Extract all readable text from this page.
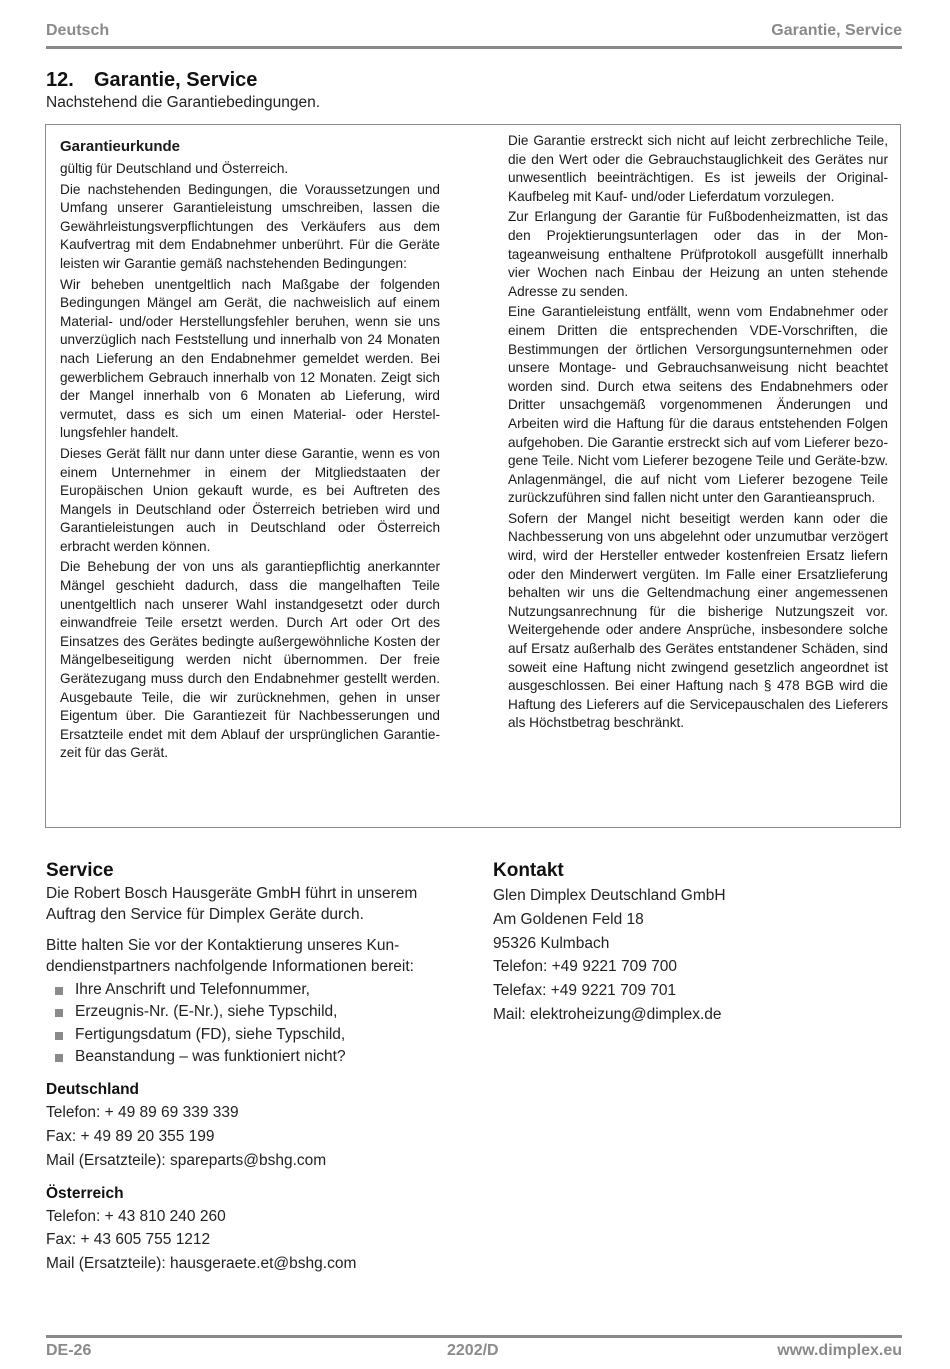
Deutsch	Garantie, Service
12. Garantie, Service
Nachstehend die Garantiebedingungen.
Garantieurkunde

gültig für Deutschland und Österreich.

Die nachstehenden Bedingungen, die Voraussetzungen und Umfang unserer Garantieleistung umschreiben, lassen die Gewährleistungsverpflichtungen des Verkäufers aus dem Kaufvertrag mit dem Endabnehmer unberührt. Für die Geräte leisten wir Garantie gemäß nachstehenden Bedingungen:

Wir beheben unentgeltlich nach Maßgabe der folgenden Bedingungen Mängel am Gerät, die nachweislich auf einem Material- und/oder Herstellungsfehler beruhen, wenn sie uns unverzüglich nach Feststellung und innerhalb von 24 Monaten nach Lieferung an den Endabnehmer gemeldet werden. Bei gewerblichem Gebrauch innerhalb von 12 Monaten. Zeigt sich der Mangel innerhalb von 6 Monaten ab Lieferung, wird vermutet, dass es sich um einen Material- oder Herstellungsfehler handelt.

Dieses Gerät fällt nur dann unter diese Garantie, wenn es von einem Unternehmer in einem der Mitgliedstaaten der Europäischen Union gekauft wurde, es bei Auftreten des Mangels in Deutschland oder Österreich betrieben wird und Garantieleistungen auch in Deutschland oder Österreich erbracht werden können.

Die Behebung der von uns als garantiepflichtig anerkannter Mängel geschieht dadurch, dass die mangelhaften Teile unentgeltlich nach unserer Wahl instandgesetzt oder durch einwandfreie Teile ersetzt werden. Durch Art oder Ort des Einsatzes des Gerätes bedingte außergewöhnliche Kosten der Mängelbeseitigung werden nicht übernommen. Der freie Gerätezugang muss durch den Endabnehmer gestellt werden. Ausgebaute Teile, die wir zurücknehmen, gehen in unser Eigentum über. Die Garantiezeit für Nachbesserungen und Ersatzteile endet mit dem Ablauf der ursprünglichen Garantiezeit für das Gerät.

Die Garantie erstreckt sich nicht auf leicht zerbrechliche Teile, die den Wert oder die Gebrauchstauglichkeit des Gerätes nur unwesentlich beeinträchtigen. Es ist jeweils der Original-Kaufbeleg mit Kauf- und/oder Lieferdatum vorzulegen.

Zur Erlangung der Garantie für Fußbodenheizmatten, ist das den Projektierungsunterlagen oder das in der Montageanweisung enthaltene Prüfprotokoll ausgefüllt innerhalb vier Wochen nach Einbau der Heizung an unten stehende Adresse zu senden.

Eine Garantieleistung entfällt, wenn vom Endabnehmer oder einem Dritten die entsprechenden VDE-Vorschriften, die Bestimmungen der örtlichen Versorgungsunternehmen oder unsere Montage- und Gebrauchsanweisung nicht beachtet worden sind. Durch etwa seitens des Endabnehmers oder Dritter unsachgemäß vorgenommenen Änderungen und Arbeiten wird die Haftung für die daraus entstehenden Folgen aufgehoben. Die Garantie erstreckt sich auf vom Lieferer bezogene Teile. Nicht vom Lieferer bezogene Teile und Geräte-bzw. Anlagenmängel, die auf nicht vom Lieferer bezogene Teile zurückzuführen sind fallen nicht unter den Garantieanspruch.

Sofern der Mangel nicht beseitigt werden kann oder die Nachbesserung von uns abgelehnt oder unzumutbar verzögert wird, wird der Hersteller entweder kostenfreien Ersatz liefern oder den Minderwert vergüten. Im Falle einer Ersatzlieferung behalten wir uns die Geltendmachung einer angemessenen Nutzungsanrechnung für die bisherige Nutzungszeit vor. Weitergehende oder andere Ansprüche, insbesondere solche auf Ersatz außerhalb des Gerätes entstandener Schäden, sind soweit eine Haftung nicht zwingend gesetzlich angeordnet ist ausgeschlossen. Bei einer Haftung nach § 478 BGB wird die Haftung des Lieferers auf die Servicepauschalen des Lieferers als Höchstbetrag beschränkt.

Service

Die Robert Bosch Hausgeräte GmbH führt in unserem Auftrag den Service für Dimplex Geräte durch.

Bitte halten Sie vor der Kontaktierung unseres Kundendienstpartners nachfolgende Informationen bereit:

Ihre Anschrift und Telefonnummer,
Erzeugnis-Nr. (E-Nr.), siehe Typschild,
Fertigungsdatum (FD), siehe Typschild,
Beanstandung – was funktioniert nicht?
Deutschland
Telefon: + 49 89 69 339 339
Fax: + 49 89 20 355 199
Mail (Ersatzteile): spareparts@bshg.com
Österreich
Telefon: + 43 810 240 260
Fax: + 43 605 755 1212
Mail (Ersatzteile): hausgeraete.et@bshg.com
Kontakt
Glen Dimplex Deutschland GmbH
Am Goldenen Feld 18
95326 Kulmbach
Telefon: +49 9221 709 700
Telefax: +49 9221 709 701
Mail: elektroheizung@dimplex.de
DE-26	2202/D	www.dimplex.eu
